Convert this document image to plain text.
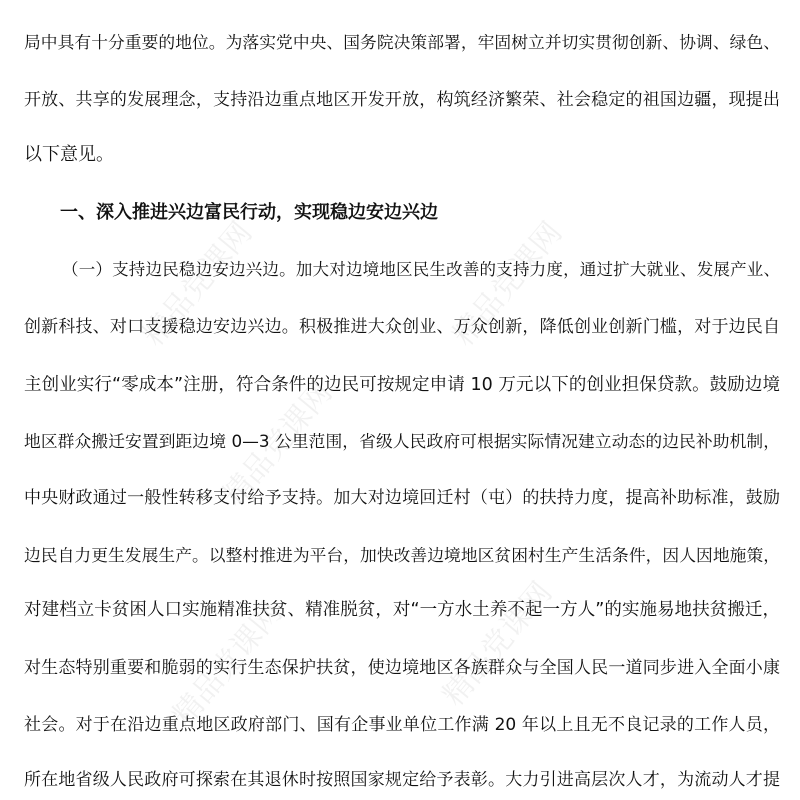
精品党课网	精品党课网
精品党课网
精品党课网
精品党课网
局中具有十分重要的地位。为落实党中央、国务院决策部署，牢固树立并切实贯彻创新、协调、绿色、
开放、共享的发展理念，支持沿边重点地区开发开放，构筑经济繁荣、社会稳定的祖国边疆，现提出
以下意见。
一、深入推进兴边富民行动，实现稳边安边兴边
（一）支持边民稳边安边兴边。加大对边境地区民生改善的支持力度，通过扩大就业、发展产业、
创新科技、对口支援稳边安边兴边。积极推进大众创业、万众创新，降低创业创新门槛，对于边民自
主创业实行“零成本”注册，符合条件的边民可按规定申请 10 万元以下的创业担保贷款。鼓励边境
地区群众搬迁安置到距边境 0—3 公里范围，省级人民政府可根据实际情况建立动态的边民补助机制，
中央财政通过一般性转移支付给予支持。加大对边境回迁村（屯）的扶持力度，提高补助标准，鼓励
边民自力更生发展生产。以整村推进为平台，加快改善边境地区贫困村生产生活条件，因人因地施策，
对建档立卡贫困人口实施精准扶贫、精准脱贫，对“一方水土养不起一方人”的实施易地扶贫搬迁，
对生态特别重要和脆弱的实行生态保护扶贫，使边境地区各族群众与全国人民一道同步进入全面小康
社会。对于在沿边重点地区政府部门、国有企事业单位工作满 20 年以上且无不良记录的工作人员，
所在地省级人民政府可探索在其退休时按照国家规定给予表彰。大力引进高层次人才，为流动人才提
